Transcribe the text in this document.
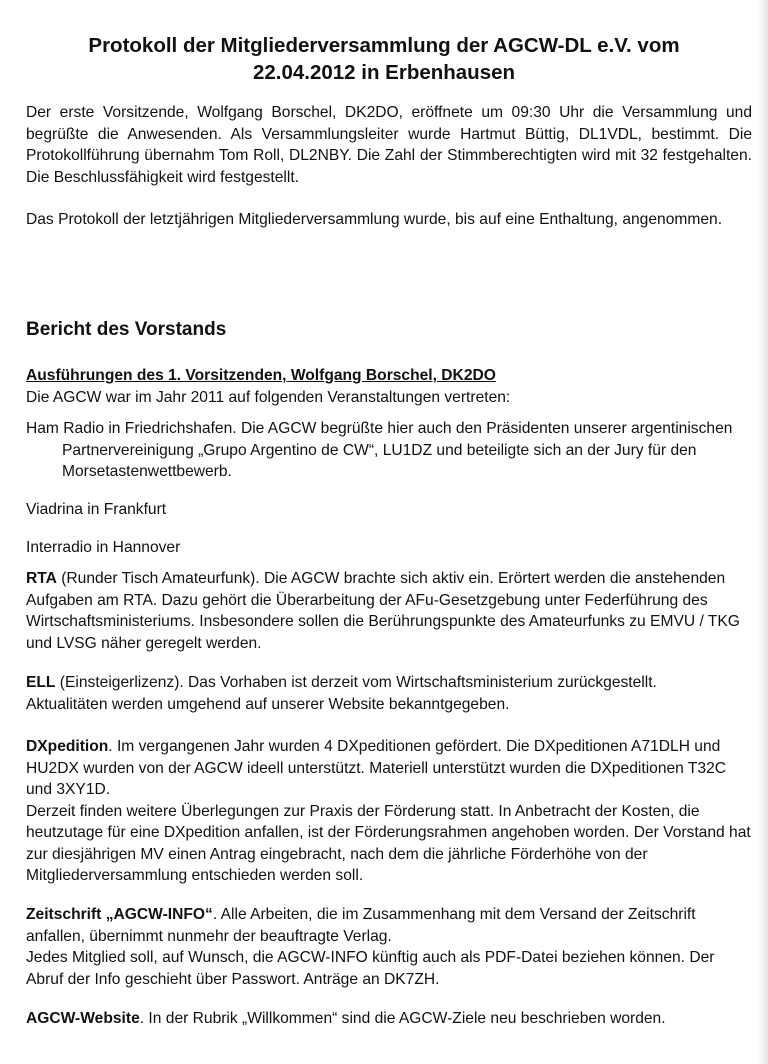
Protokoll der Mitgliederversammlung der AGCW-DL e.V. vom
22.04.2012 in Erbenhausen

Der erste Vorsitzende, Wolfgang Borschel, DK2DO, eröffnete um 09:30 Uhr die Versammlung und begrüßte die Anwesenden. Als Versammlungsleiter wurde Hartmut Büttig, DL1VDL, bestimmt. Die Protokollführung übernahm Tom Roll, DL2NBY. Die Zahl der Stimmberechtigten wird mit 32 festgehalten. Die Beschlussfähigkeit wird festgestellt.

Das Protokoll der letztjährigen Mitgliederversammlung wurde, bis auf eine Enthaltung, angenommen.

Bericht des Vorstands
Ausführungen des 1. Vorsitzenden, Wolfgang Borschel, DK2DO
Die AGCW war im Jahr 2011 auf folgenden Veranstaltungen vertreten:

Ham Radio in Friedrichshafen. Die AGCW begrüßte hier auch den Präsidenten unserer argentinischen Partnervereinigung „Grupo Argentino de CW“, LU1DZ und beteiligte sich an der Jury für den Morsetastenwettbewerb.

Viadrina in Frankfurt

Interradio in Hannover

RTA (Runder Tisch Amateurfunk). Die AGCW brachte sich aktiv ein. Erörtert werden die anstehenden Aufgaben am RTA. Dazu gehört die Überarbeitung der AFu-Gesetzgebung unter Federführung des Wirtschaftsministeriums. Insbesondere sollen die Berührungspunkte des Amateurfunks zu EMVU / TKG und LVSG näher geregelt werden.

ELL (Einsteigerlizenz). Das Vorhaben ist derzeit vom Wirtschaftsministerium zurückgestellt. Aktualitäten werden umgehend auf unserer Website bekanntgegeben.

DXpedition. Im vergangenen Jahr wurden 4 DXpeditionen gefördert. Die DXpeditionen A71DLH und HU2DX wurden von der AGCW ideell unterstützt. Materiell unterstützt wurden die DXpeditionen T32C und 3XY1D.
Derzeit finden weitere Überlegungen zur Praxis der Förderung statt. In Anbetracht der Kosten, die heutzutage für eine DXpedition anfallen, ist der Förderungsrahmen angehoben worden. Der Vorstand hat zur diesjährigen MV einen Antrag eingebracht, nach dem die jährliche Förderhöhe von der Mitgliederversammlung entschieden werden soll.
Zeitschrift „AGCW-INFO“. Alle Arbeiten, die im Zusammenhang mit dem Versand der Zeitschrift anfallen, übernimmt nunmehr der beauftragte Verlag.
Jedes Mitglied soll, auf Wunsch, die AGCW-INFO künftig auch als PDF-Datei beziehen können. Der Abruf der Info geschieht über Passwort. Anträge an DK7ZH.

AGCW-Website. In der Rubrik „Willkommen“ sind die AGCW-Ziele neu beschrieben worden.
